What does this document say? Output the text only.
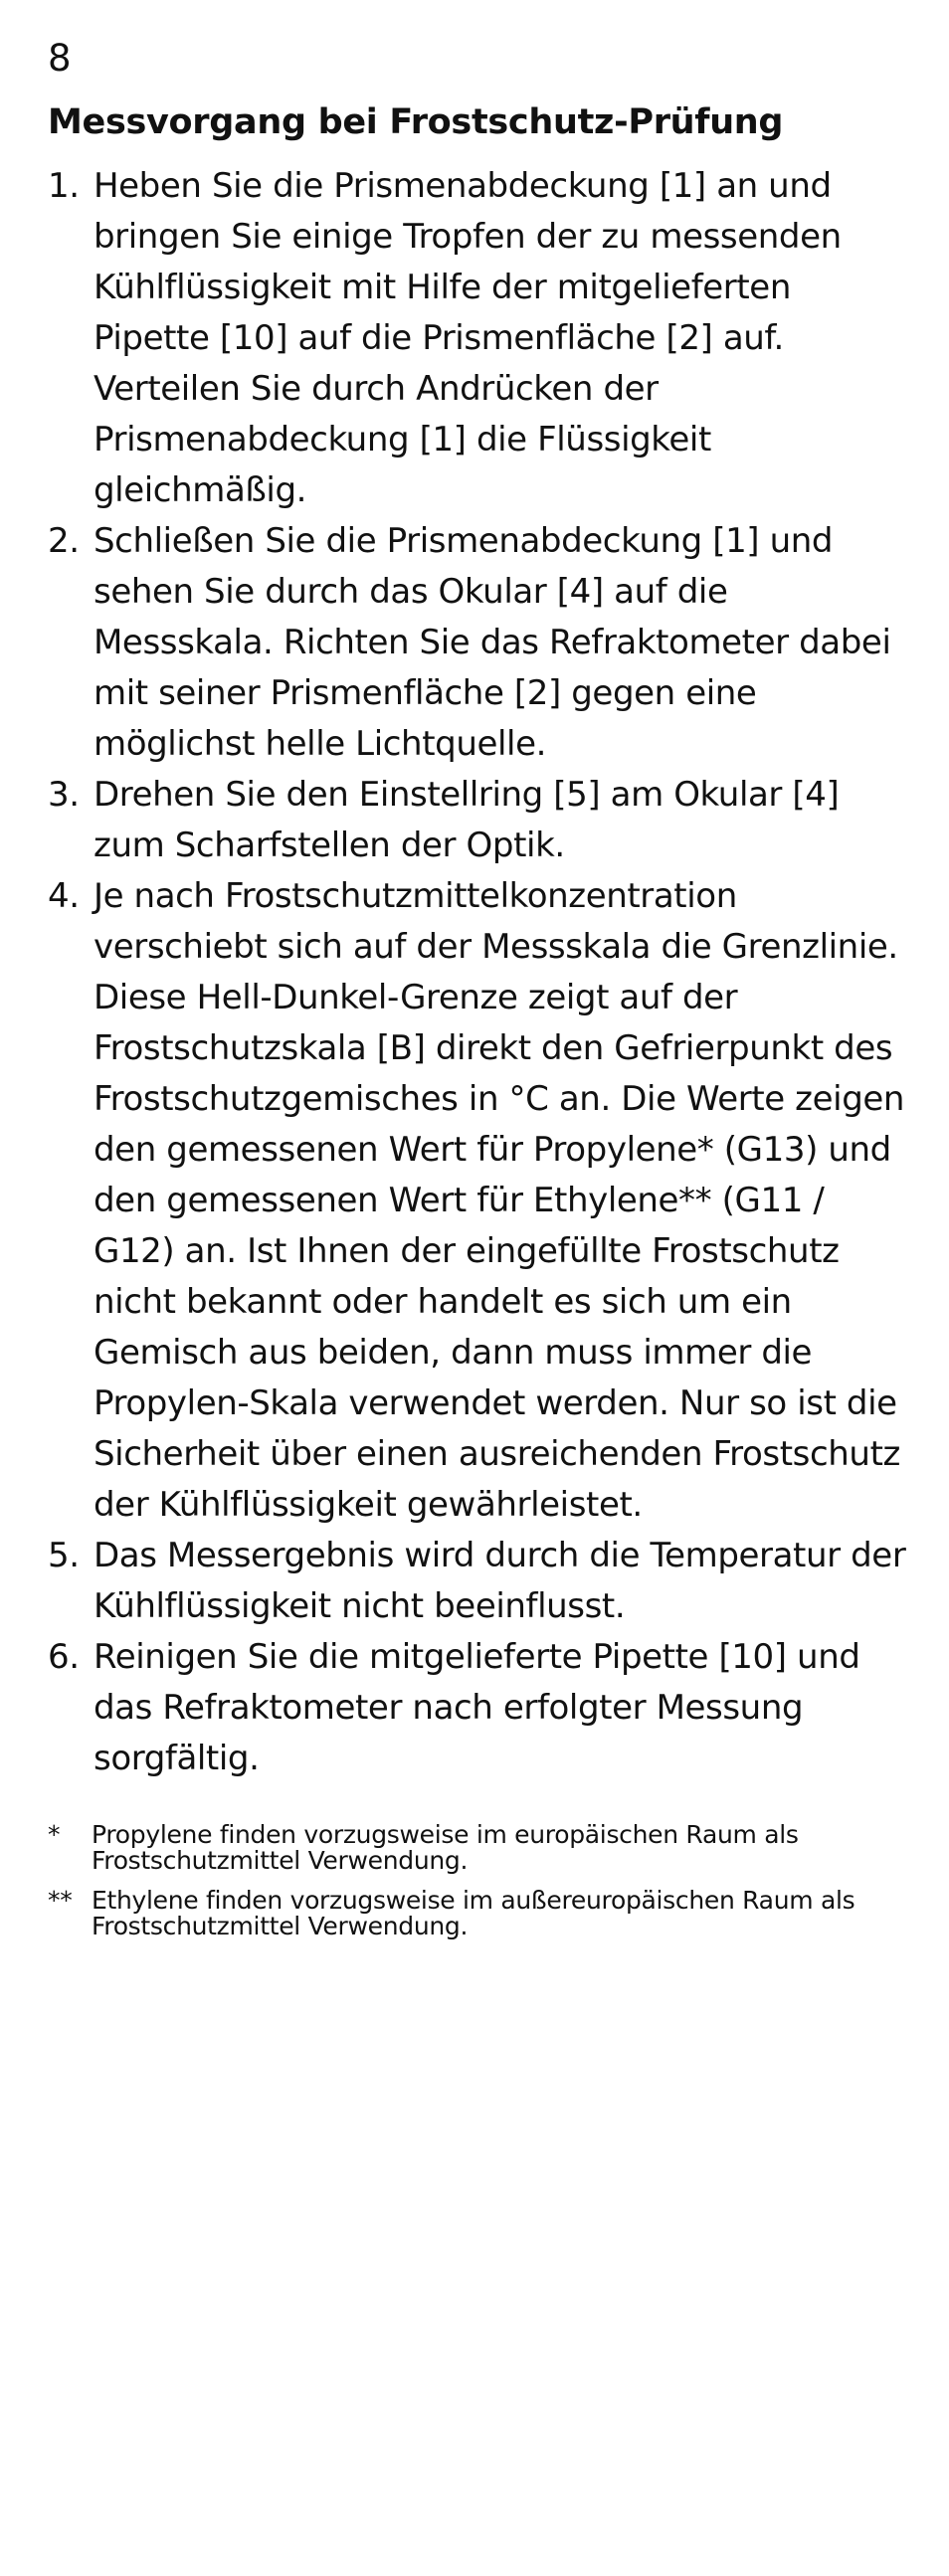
8
Messvorgang bei Frostschutz-Prüfung
1. Heben Sie die Prismenabdeckung [1] an und bringen Sie einige Tropfen der zu messenden Kühlflüssigkeit mit Hilfe der mitgelieferten Pipette [10] auf die Prismenfläche [2] auf. Verteilen Sie durch Andrücken der Prismenabdeckung [1] die Flüssigkeit gleichmäßig.
2. Schließen Sie die Prismenabdeckung [1] und sehen Sie durch das Okular [4] auf die Messskala. Richten Sie das Refraktometer dabei mit seiner Prismenfläche [2] gegen eine möglichst helle Lichtquelle.
3. Drehen Sie den Einstellring [5] am Okular [4] zum Scharfstellen der Optik.
4. Je nach Frostschutzmittelkonzentration verschiebt sich auf der Messskala die Grenzlinie. Diese Hell-Dunkel-Grenze zeigt auf der Frostschutzskala [B] direkt den Gefrierpunkt des Frostschutzgemisches in °C an. Die Werte zeigen den gemessenen Wert für Propylene* (G13) und den gemessenen Wert für Ethylene** (G11 / G12) an. Ist Ihnen der eingefüllte Frostschutz nicht bekannt oder handelt es sich um ein Gemisch aus beiden, dann muss immer die Propylen-Skala verwendet werden. Nur so ist die Sicherheit über einen ausreichenden Frostschutz der Kühlflüssigkeit gewährleistet.
5. Das Messergebnis wird durch die Temperatur der Kühlflüssigkeit nicht beeinflusst.
6. Reinigen Sie die mitgelieferte Pipette [10] und das Refraktometer nach erfolgter Messung sorgfältig.
* Propylene finden vorzugsweise im europäischen Raum als Frostschutzmittel Verwendung.
** Ethylene finden vorzugsweise im außereuropäischen Raum als Frostschutzmittel Verwendung.
